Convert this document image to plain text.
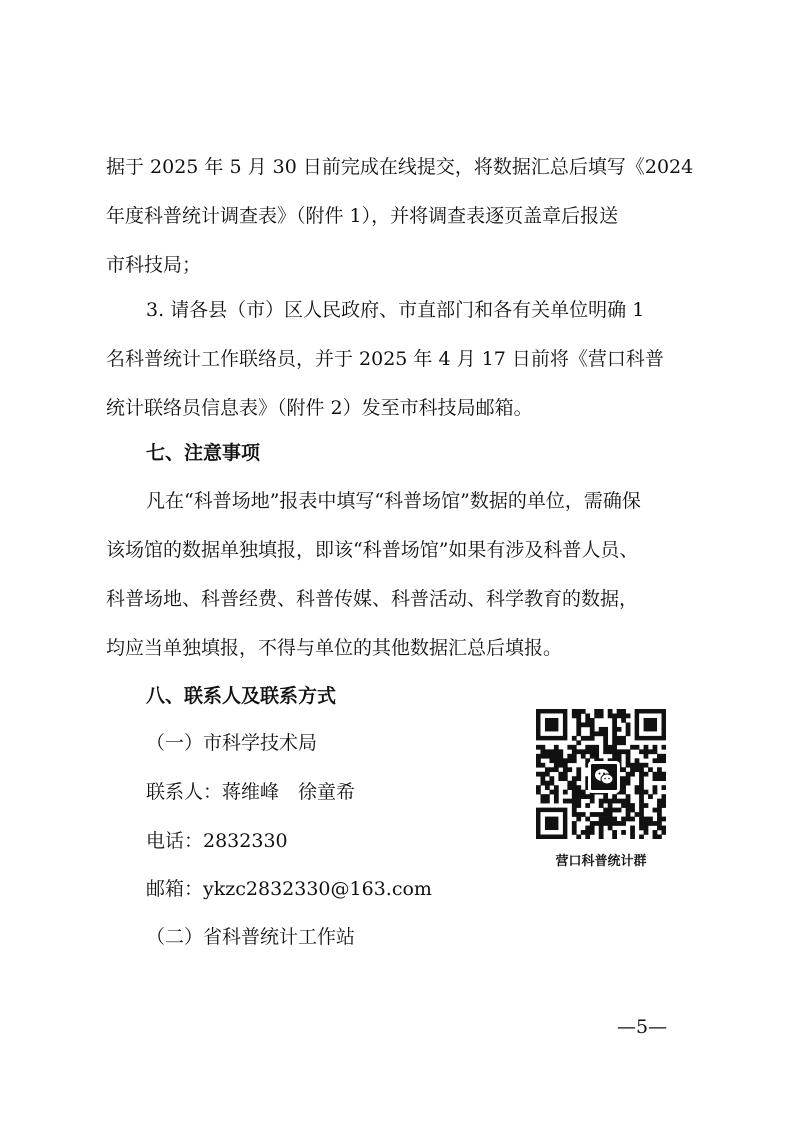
据于 2025 年 5 月 30 日前完成在线提交，将数据汇总后填写《2024
年度科普统计调查表》（附件 1），并将调查表逐页盖章后报送
市科技局；
3. 请各县（市）区人民政府、市直部门和各有关单位明确 1
名科普统计工作联络员，并于 2025 年 4 月 17 日前将《营口科普
统计联络员信息表》（附件 2）发至市科技局邮箱。
七、注意事项
凡在“科普场地”报表中填写“科普场馆”数据的单位，需确保
该场馆的数据单独填报，即该“科普场馆”如果有涉及科普人员、
科普场地、科普经费、科普传媒、科普活动、科学教育的数据，
均应当单独填报，不得与单位的其他数据汇总后填报。
八、联系人及联系方式
（一）市科学技术局
联系人：蒋维峰　徐童希
电话：2832330
邮箱：ykzc2832330@163.com
（二）省科普统计工作站
营口科普统计群
—5—
